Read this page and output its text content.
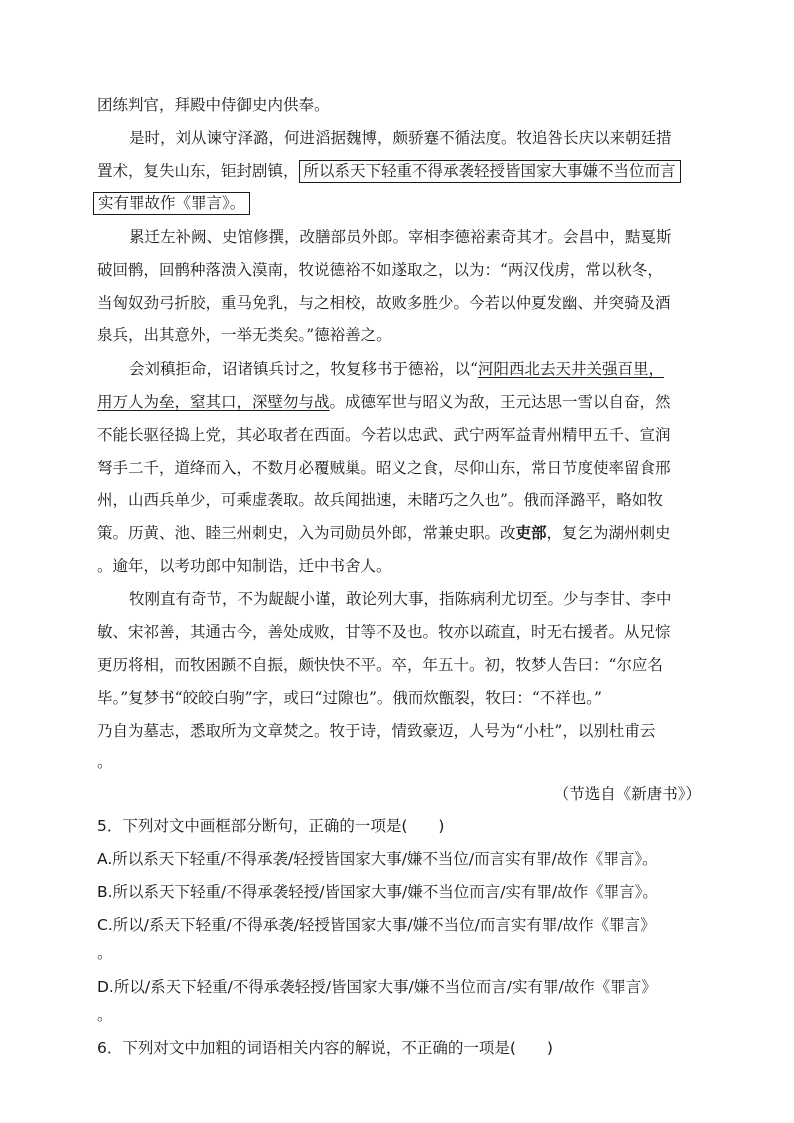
团练判官，拜殿中侍御史内供奉。
是时，刘从谏守泽潞，何进滔据魏博，颇骄蹇不循法度。牧追咎长庆以来朝廷措
置术，复失山东，钜封剧镇， 所以系天下轻重不得承袭轻授皆国家大事嫌不当位而言
实有罪故作《罪言》。
累迁左补阙、史馆修撰，改膳部员外郎。宰相李德裕素奇其才。会昌中，黠戛斯
破回鹘，回鹘种落溃入漠南，牧说德裕不如遂取之，以为：“两汉伐虏，常以秋冬，
当匈奴劲弓折胶，重马免乳，与之相校，故败多胜少。今若以仲夏发幽、并突骑及酒
泉兵，出其意外，一举无类矣。”德裕善之。
会刘稹拒命，诏诸镇兵讨之，牧复移书于德裕，以“河阳西北去天井关强百里，
用万人为垒，窒其口，深壁勿与战。成德军世与昭义为敌，王元达思一雪以自奋，然
不能长驱径捣上党，其必取者在西面。今若以忠武、武宁两军益青州精甲五千、宣润
弩手二千，道绛而入，不数月必覆贼巢。昭义之食，尽仰山东，常日节度使率留食邢
州，山西兵单少，可乘虚袭取。故兵闻拙速，未睹巧之久也”。俄而泽潞平，略如牧
策。历黄、池、睦三州刺史，入为司勋员外郎，常兼史职。改吏部，复乞为湖州刺史
。逾年，以考功郎中知制诰，迁中书舍人。
牧刚直有奇节，不为龊龊小谨，敢论列大事，指陈病利尤切至。少与李甘、李中
敏、宋祁善，其通古今，善处成败，甘等不及也。牧亦以疏直，时无右援者。从兄悰
更历将相，而牧困踬不自振，颇快快不平。卒，年五十。初，牧梦人告曰：“尔应名
毕。”复梦书“皎皎白驹”字，或曰“过隙也”。俄而炊甑裂，牧曰：“不祥也。”
乃自为墓志，悉取所为文章焚之。牧于诗，情致豪迈，人号为“小杜”，以别杜甫云
。
（节选自《新唐书》）
5．下列对文中画框部分断句，正确的一项是(　　)
A.所以系天下轻重/不得承袭/轻授皆国家大事/嫌不当位/而言实有罪/故作《罪言》。
B.所以系天下轻重/不得承袭轻授/皆国家大事/嫌不当位而言/实有罪/故作《罪言》。
C.所以/系天下轻重/不得承袭/轻授皆国家大事/嫌不当位/而言实有罪/故作《罪言》
。
D.所以/系天下轻重/不得承袭轻授/皆国家大事/嫌不当位而言/实有罪/故作《罪言》
。
6．下列对文中加粗的词语相关内容的解说，不正确的一项是(　　)
